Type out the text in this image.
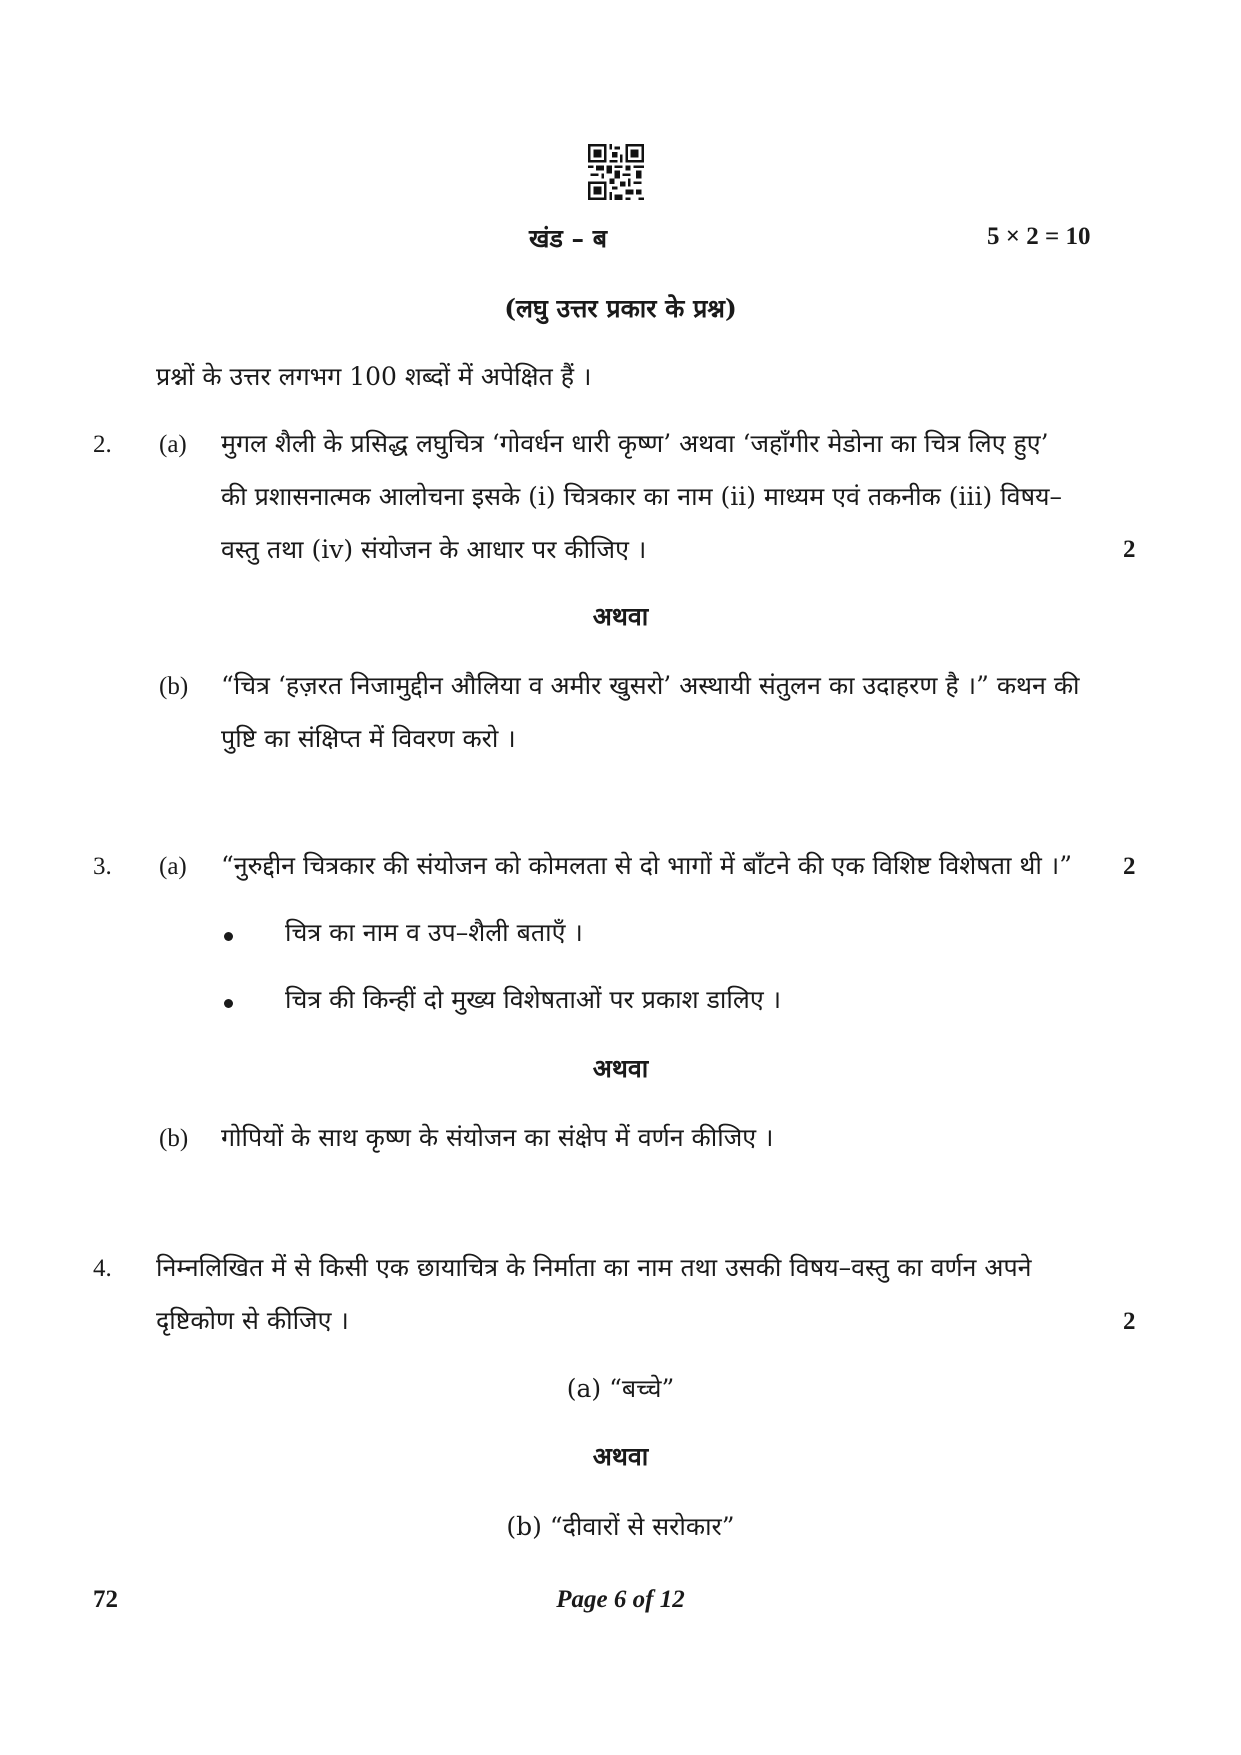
खंड – ब	5 × 2 = 10
(लघु उत्तर प्रकार के प्रश्न)
प्रश्नों के उत्तर लगभग 100 शब्दों में अपेक्षित हैं ।
2. (a) मुगल शैली के प्रसिद्ध लघुचित्र ‘गोवर्धन धारी कृष्ण’ अथवा ‘जहाँगीर मेडोना का चित्र लिए हुए’
की प्रशासनात्मक आलोचना इसके (i) चित्रकार का नाम (ii) माध्यम एवं तकनीक (iii) विषय–
वस्तु तथा (iv) संयोजन के आधार पर कीजिए ।	2
अथवा
(b) “चित्र ‘हज़रत निजामुद्दीन औलिया व अमीर खुसरो’ अस्थायी संतुलन का उदाहरण है ।” कथन की
पुष्टि का संक्षिप्त में विवरण करो ।
3. (a) “नुरुद्दीन चित्रकार की संयोजन को कोमलता से दो भागों में बाँटने की एक विशिष्ट विशेषता थी ।” 2
चित्र का नाम व उप–शैली बताएँ ।
चित्र की किन्हीं दो मुख्य विशेषताओं पर प्रकाश डालिए ।
अथवा
(b) गोपियों के साथ कृष्ण के संयोजन का संक्षेप में वर्णन कीजिए ।
4. निम्नलिखित में से किसी एक छायाचित्र के निर्माता का नाम तथा उसकी विषय–वस्तु का वर्णन अपने
दृष्टिकोण से कीजिए ।	2
(a) “बच्चे”
अथवा
(b) “दीवारों से सरोकार”
72	Page 6 of 12
